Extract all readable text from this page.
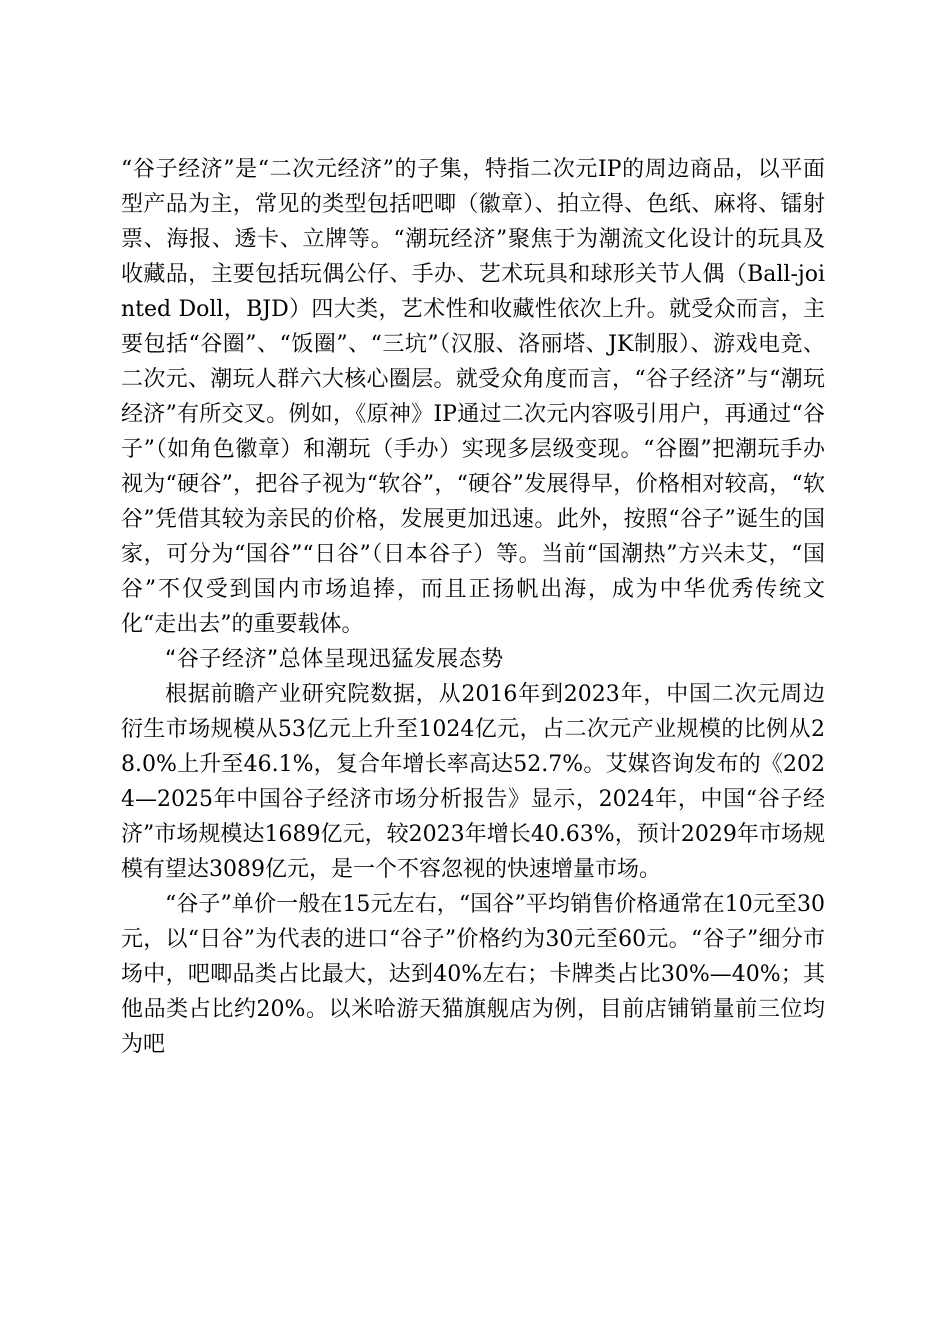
“谷子经济”是“二次元经济”的子集，特指二次元IP的周边商品，以平面型产品为主，常见的类型包括吧唧（徽章）、拍立得、色纸、麻将、镭射票、海报、透卡、立牌等。“潮玩经济”聚焦于为潮流文化设计的玩具及收藏品，主要包括玩偶公仔、手办、艺术玩具和球形关节人偶（Ball-jointed Doll，BJD）四大类，艺术性和收藏性依次上升。就受众而言，主要包括“谷圈”、“饭圈”、“三坑”（汉服、洛丽塔、JK制服）、游戏电竞、二次元、潮玩人群六大核心圈层。就受众角度而言，“谷子经济”与“潮玩经济”有所交叉。例如，《原神》IP通过二次元内容吸引用户，再通过“谷子”（如角色徽章）和潮玩（手办）实现多层级变现。“谷圈”把潮玩手办视为“硬谷”，把谷子视为“软谷”，“硬谷”发展得早，价格相对较高，“软谷”凭借其较为亲民的价格，发展更加迅速。此外，按照“谷子”诞生的国家，可分为“国谷”“日谷”（日本谷子）等。当前“国潮热”方兴未艾，“国谷”不仅受到国内市场追捧，而且正扬帆出海，成为中华优秀传统文化“走出去”的重要载体。

“谷子经济”总体呈现迅猛发展态势

根据前瞻产业研究院数据，从2016年到2023年，中国二次元周边衍生市场规模从53亿元上升至1024亿元，占二次元产业规模的比例从28.0%上升至46.1%，复合年增长率高达52.7%。艾媒咨询发布的《2024—2025年中国谷子经济市场分析报告》显示，2024年，中国“谷子经济”市场规模达1689亿元，较2023年增长40.63%，预计2029年市场规模有望达3089亿元，是一个不容忽视的快速增量市场。

“谷子”单价一般在15元左右，“国谷”平均销售价格通常在10元至30元，以“日谷”为代表的进口“谷子”价格约为30元至60元。“谷子”细分市场中，吧唧品类占比最大，达到40%左右；卡牌类占比30%—40%；其他品类占比约20%。以米哈游天猫旗舰店为例，目前店铺销量前三位均为吧
